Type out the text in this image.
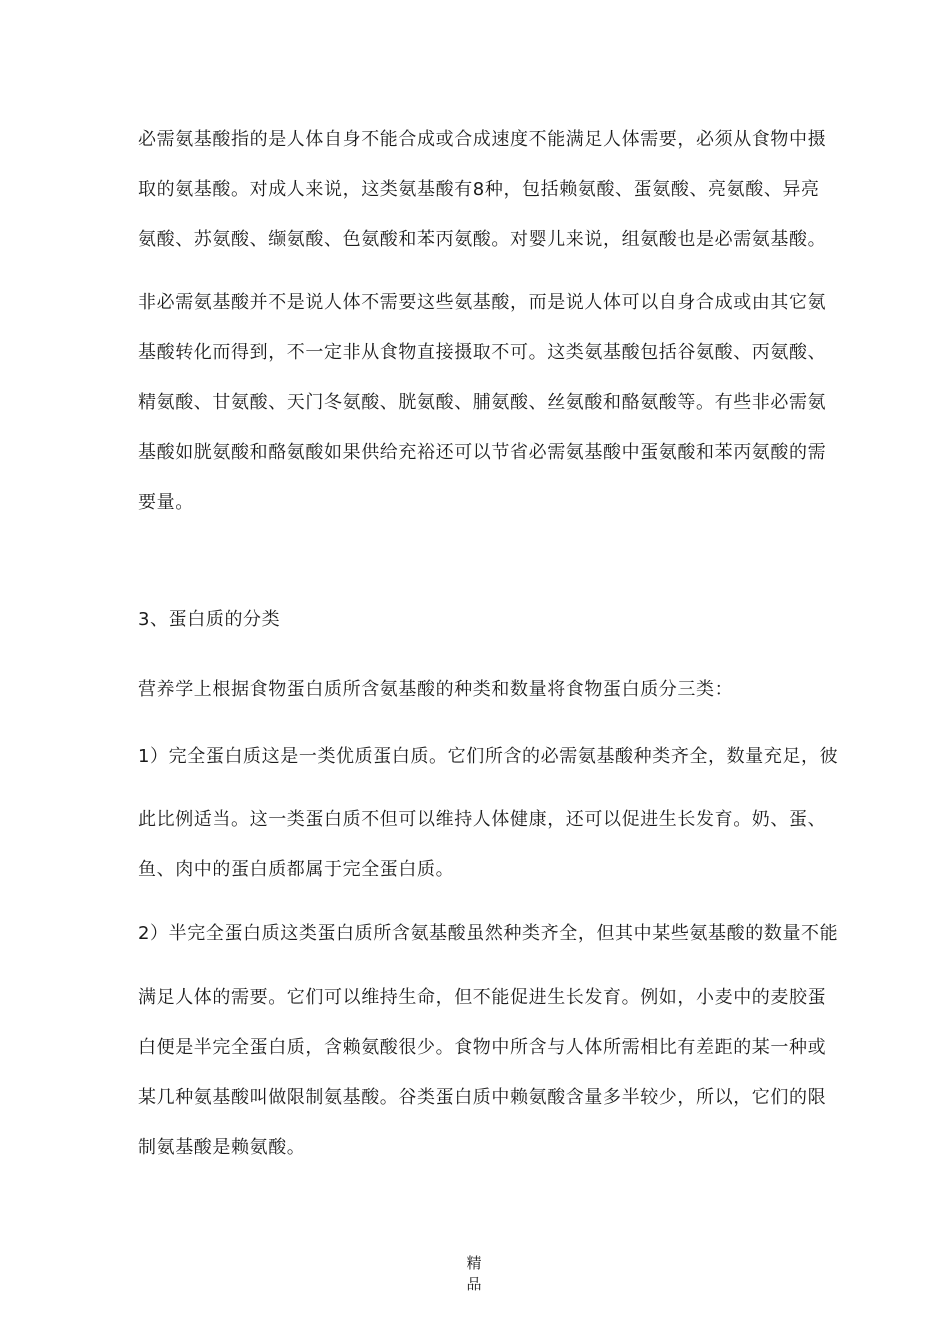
必需氨基酸指的是人体自身不能合成或合成速度不能满足人体需要，必须从食物中摄
取的氨基酸。对成人来说，这类氨基酸有8种，包括赖氨酸、蛋氨酸、亮氨酸、异亮
氨酸、苏氨酸、缬氨酸、色氨酸和苯丙氨酸。对婴儿来说，组氨酸也是必需氨基酸。
非必需氨基酸并不是说人体不需要这些氨基酸，而是说人体可以自身合成或由其它氨
基酸转化而得到，不一定非从食物直接摄取不可。这类氨基酸包括谷氨酸、丙氨酸、
精氨酸、甘氨酸、天门冬氨酸、胱氨酸、脯氨酸、丝氨酸和酪氨酸等。有些非必需氨
基酸如胱氨酸和酪氨酸如果供给充裕还可以节省必需氨基酸中蛋氨酸和苯丙氨酸的需
要量。
3、蛋白质的分类
营养学上根据食物蛋白质所含氨基酸的种类和数量将食物蛋白质分三类：
1）完全蛋白质这是一类优质蛋白质。它们所含的必需氨基酸种类齐全，数量充足，彼
此比例适当。这一类蛋白质不但可以维持人体健康，还可以促进生长发育。奶、蛋、
鱼、肉中的蛋白质都属于完全蛋白质。
2）半完全蛋白质这类蛋白质所含氨基酸虽然种类齐全，但其中某些氨基酸的数量不能
满足人体的需要。它们可以维持生命，但不能促进生长发育。例如，小麦中的麦胶蛋
白便是半完全蛋白质，含赖氨酸很少。食物中所含与人体所需相比有差距的某一种或
某几种氨基酸叫做限制氨基酸。谷类蛋白质中赖氨酸含量多半较少，所以，它们的限
制氨基酸是赖氨酸。
精
品
